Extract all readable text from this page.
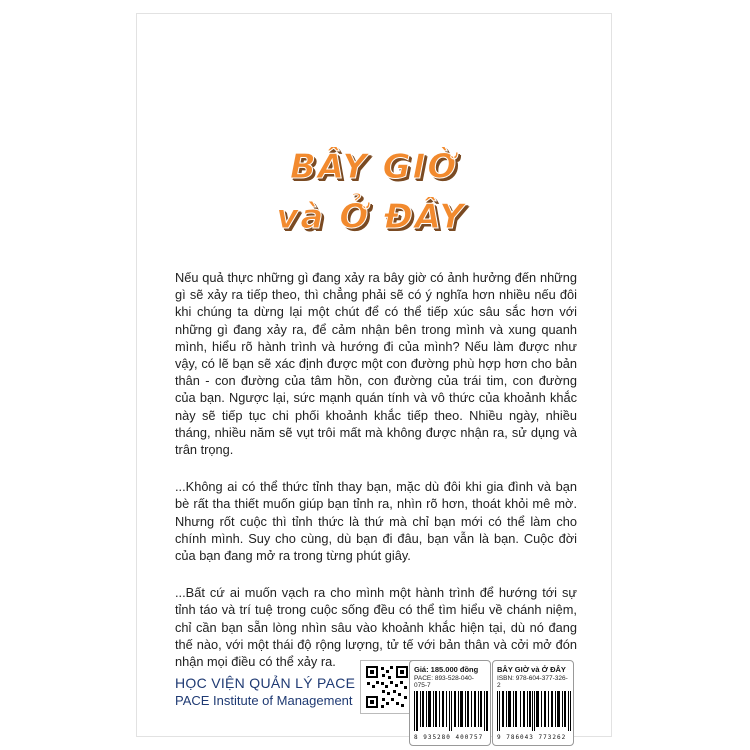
BÂY GIỜ
và Ở ĐÂY

Nếu quả thực những gì đang xảy ra bây giờ có ảnh hưởng đến những gì sẽ xảy ra tiếp theo, thì chẳng phải sẽ có ý nghĩa hơn nhiều nếu đôi khi chúng ta dừng lại một chút để có thể tiếp xúc sâu sắc hơn với những gì đang xảy ra, để cảm nhận bên trong mình và xung quanh mình, hiểu rõ hành trình và hướng đi của mình? Nếu làm được như vậy, có lẽ bạn sẽ xác định được một con đường phù hợp hơn cho bản thân - con đường của tâm hồn, con đường của trái tim, con đường của bạn. Ngược lại, sức mạnh quán tính và vô thức của khoảnh khắc này sẽ tiếp tục chi phối khoảnh khắc tiếp theo. Nhiều ngày, nhiều tháng, nhiều năm sẽ vụt trôi mất mà không được nhận ra, sử dụng và trân trọng.

...Không ai có thể thức tỉnh thay bạn, mặc dù đôi khi gia đình và bạn bè rất tha thiết muốn giúp bạn tỉnh ra, nhìn rõ hơn, thoát khỏi mê mờ. Nhưng rốt cuộc thì tỉnh thức là thứ mà chỉ bạn mới có thể làm cho chính mình. Suy cho cùng, dù bạn đi đâu, bạn vẫn là bạn. Cuộc đời của bạn đang mở ra trong từng phút giây.

...Bất cứ ai muốn vạch ra cho mình một hành trình để hướng tới sự tỉnh táo và trí tuệ trong cuộc sống đều có thể tìm hiểu về chánh niệm, chỉ cần bạn sẵn lòng nhìn sâu vào khoảnh khắc hiện tại, dù nó đang thế nào, với một thái độ rộng lượng, tử tế với bản thân và cởi mở đón nhận mọi điều có thể xảy ra.

HỌC VIỆN QUẢN LÝ PACE
PACE Institute of Management
Giá: 185.000 đồng
PACE: 893-528-040-075-7
8 935280 400757
BÂY GIỜ và Ở ĐÂY
ISBN: 978-604-377-326-2
9 786043 773262
